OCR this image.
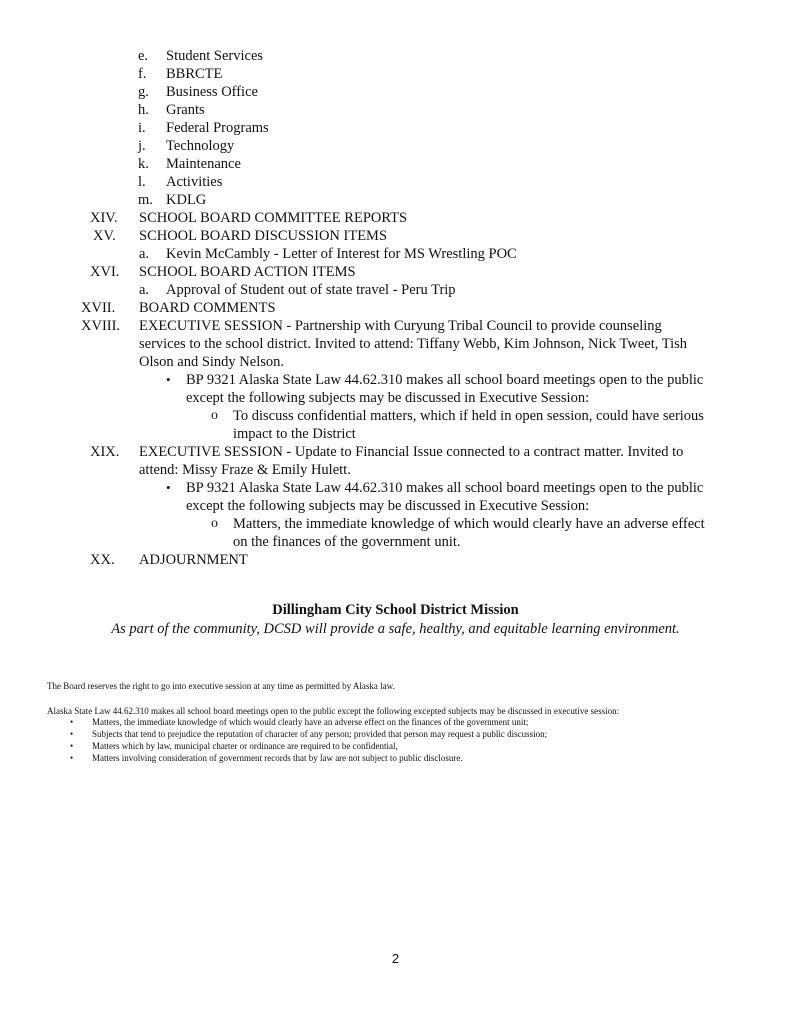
e. Student Services
f. BBRCTE
g. Business Office
h. Grants
i. Federal Programs
j. Technology
k. Maintenance
l. Activities
m. KDLG
XIV. SCHOOL BOARD COMMITTEE REPORTS
XV. SCHOOL BOARD DISCUSSION ITEMS
a. Kevin McCambly - Letter of Interest for MS Wrestling POC
XVI. SCHOOL BOARD ACTION ITEMS
a. Approval of Student out of state travel - Peru Trip
XVII. BOARD COMMENTS
XVIII. EXECUTIVE SESSION - Partnership with Curyung Tribal Council to provide counseling
services to the school district. Invited to attend: Tiffany Webb, Kim Johnson, Nick Tweet, Tish
Olson and Sindy Nelson.
• BP 9321 Alaska State Law 44.62.310 makes all school board meetings open to the public
except the following subjects may be discussed in Executive Session:
o To discuss confidential matters, which if held in open session, could have serious
impact to the District
XIX. EXECUTIVE SESSION - Update to Financial Issue connected to a contract matter. Invited to
attend: Missy Fraze & Emily Hulett.
• BP 9321 Alaska State Law 44.62.310 makes all school board meetings open to the public
except the following subjects may be discussed in Executive Session:
o Matters, the immediate knowledge of which would clearly have an adverse effect
on the finances of the government unit.
XX. ADJOURNMENT
Dillingham City School District Mission
As part of the community, DCSD will provide a safe, healthy, and equitable learning environment.
The Board reserves the right to go into executive session at any time as permitted by Alaska law.
Alaska State Law 44.62.310 makes all school board meetings open to the public except the following excepted subjects may be discussed in executive session:
• Matters, the immediate knowledge of which would clearly have an adverse effect on the finances of the government unit;
• Subjects that tend to prejudice the reputation of character of any person; provided that person may request a public discussion;
• Matters which by law, municipal charter or ordinance are required to be confidential,
• Matters involving consideration of government records that by law are not subject to public disclosure.
2
